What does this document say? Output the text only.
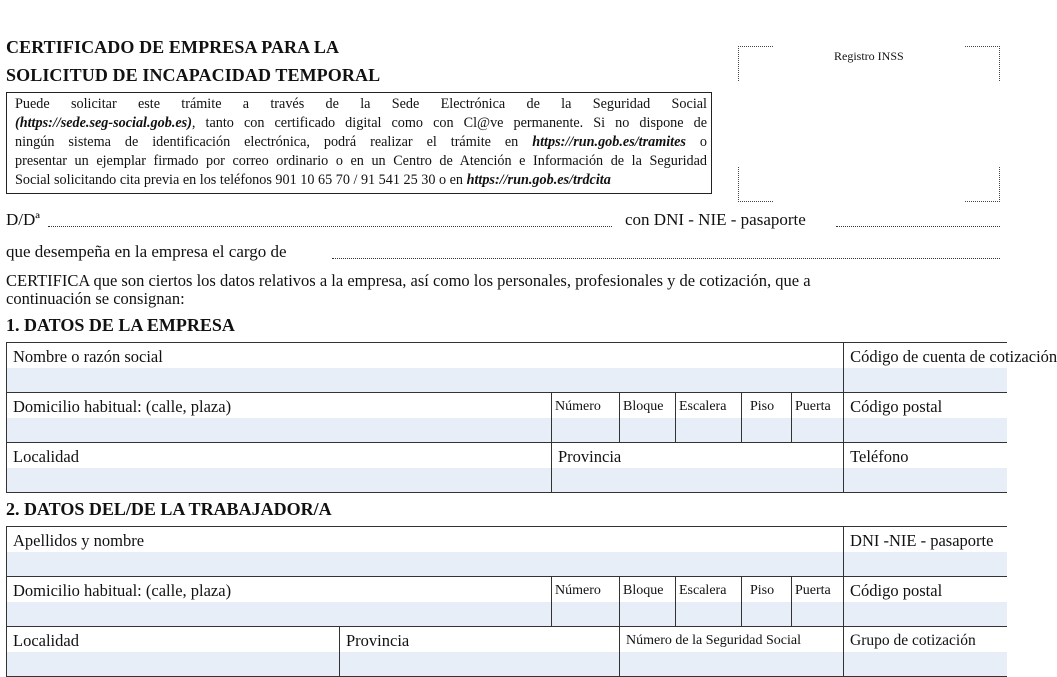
CERTIFICADO DE EMPRESA PARA LA
SOLICITUD DE INCAPACIDAD TEMPORAL
Registro INSS
Puede solicitar este trámite a través de la Sede Electrónica de la Seguridad Social
(https://sede.seg-social.gob.es), tanto con certificado digital como con Cl@ve permanente. Si no dispone de
ningún sistema de identificación electrónica, podrá realizar el trámite en https://run.gob.es/tramites o
presentar un ejemplar firmado por correo ordinario o en un Centro de Atención e Información de la Seguridad
Social solicitando cita previa en los teléfonos 901 10 65 70 / 91 541 25 30 o en https://run.gob.es/trdcita
D/Dª	con DNI - NIE - pasaporte
que desempeña en la empresa el cargo de
CERTIFICA que son ciertos los datos relativos a la empresa, así como los personales, profesionales y de cotización, que a
continuación se consignan:
1. DATOS DE LA EMPRESA
Nombre o razón social						Código de cuenta de cotización

Domicilio habitual: (calle, plaza)	Número	Bloque	Escalera	Piso	Puerta	Código postal

Localidad	Provincia					Teléfono
2. DATOS DEL/DE LA TRABAJADOR/A
Apellidos y nombre							DNI -NIE - pasaporte

Domicilio habitual: (calle, plaza)		Número	Bloque	Escalera	Piso	Puerta	Código postal

Localidad	Provincia		Número de la Seguridad Social				Grupo de cotización
